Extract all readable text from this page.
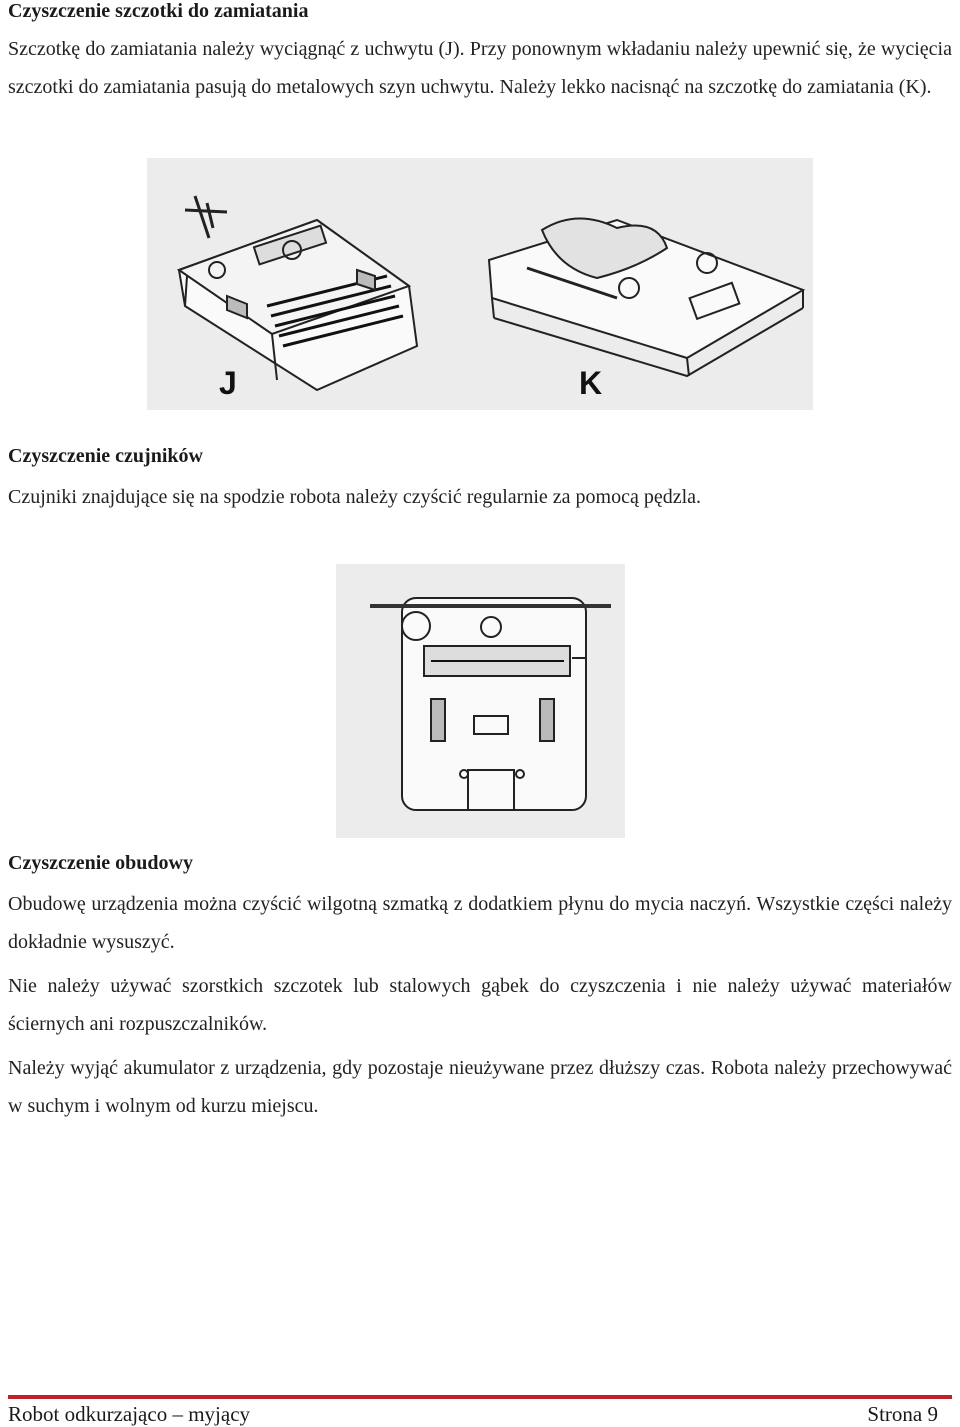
Czyszczenie szczotki do zamiatania

Szczotkę do zamiatania należy wyciągnąć z uchwytu (J). Przy ponownym wkładaniu należy upewnić się, że wycięcia szczotki do zamiatania pasują do metalowych szyn uchwytu. Należy lekko nacisnąć na szczotkę do zamiatania (K).

J	K
Czyszczenie czujników

Czujniki znajdujące się na spodzie robota należy czyścić regularnie za pomocą pędzla.

Czyszczenie obudowy

Obudowę urządzenia można czyścić wilgotną szmatką z dodatkiem płynu do mycia naczyń. Wszystkie części należy dokładnie wysuszyć.

Nie należy używać szorstkich szczotek lub stalowych gąbek do czyszczenia i nie należy używać materiałów ściernych ani rozpuszczalników.

Należy wyjąć akumulator z urządzenia, gdy pozostaje nieużywane przez dłuższy czas. Robota należy przechowywać w suchym i wolnym od kurzu miejscu.

Robot odkurzająco – myjący	Strona 9
